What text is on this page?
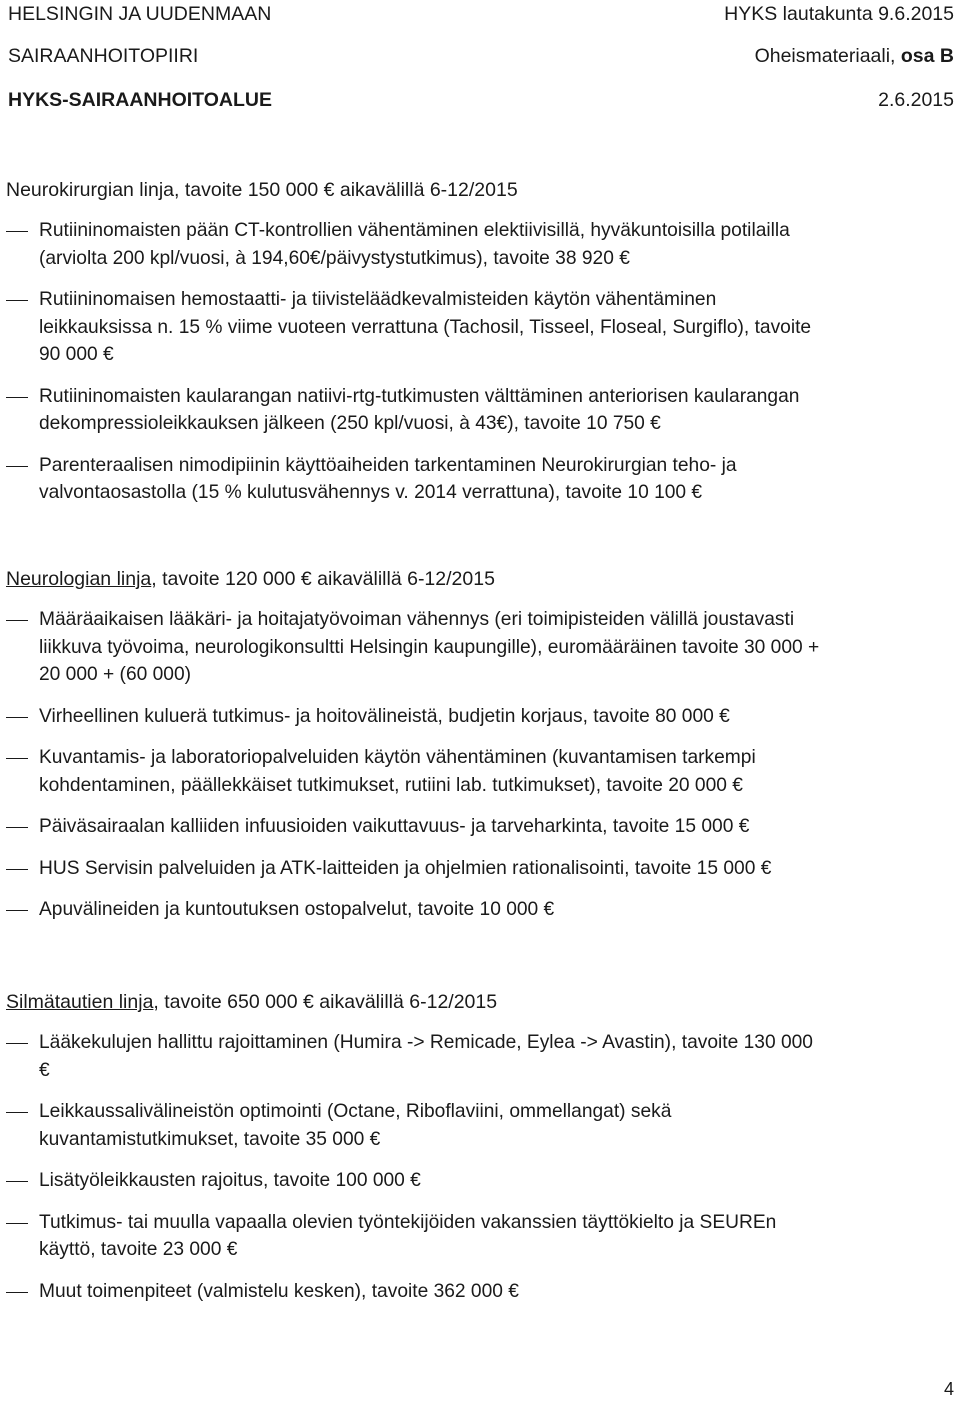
HELSINGIN JA UUDENMAAN	HYKS lautakunta 9.6.2015
SAIRAANHOITOPIIRI	Oheismateriaali, osa B
HYKS-SAIRAANHOITOALUE	2.6.2015
Neurokirurgian linja, tavoite 150 000 € aikavälillä 6-12/2015
Rutiininomaisten pään CT-kontrollien vähentäminen elektiivisillä, hyväkuntoisilla potilailla
(arviolta 200 kpl/vuosi, à 194,60€/päivystystutkimus), tavoite 38 920 €
Rutiininomaisen hemostaatti- ja tiivisteläädkevalmisteiden käytön vähentäminen
leikkauksissa n. 15 % viime vuoteen verrattuna (Tachosil, Tisseel, Floseal, Surgiflo), tavoite
90 000 €
Rutiininomaisten kaularangan natiivi-rtg-tutkimusten välttäminen anteriorisen kaularangan
dekompressioleikkauksen jälkeen (250 kpl/vuosi, à 43€), tavoite 10 750 €
Parenteraalisen nimodipiinin käyttöaiheiden tarkentaminen Neurokirurgian teho- ja
valvontaosastolla (15 % kulutusvähennys v. 2014 verrattuna), tavoite 10 100 €
Neurologian linja, tavoite 120 000 € aikavälillä 6-12/2015
Määräaikaisen lääkäri- ja hoitajatyövoiman vähennys (eri toimipisteiden välillä joustavasti
liikkuva työvoima, neurologikonsultti Helsingin kaupungille), euromääräinen tavoite 30 000 +
20 000 + (60 000)
Virheellinen kuluerä tutkimus- ja hoitovälineistä, budjetin korjaus, tavoite 80 000 €
Kuvantamis- ja laboratoriopalveluiden käytön vähentäminen (kuvantamisen tarkempi
kohdentaminen, päällekkäiset tutkimukset, rutiini lab. tutkimukset), tavoite 20 000 €
Päiväsairaalan kalliiden infuusioiden vaikuttavuus- ja tarveharkinta, tavoite 15 000 €
HUS Servisin palveluiden ja ATK-laitteiden ja ohjelmien rationalisointi, tavoite 15 000 €
Apuvälineiden ja kuntoutuksen ostopalvelut, tavoite 10 000 €
Silmätautien linja, tavoite 650 000 € aikavälillä 6-12/2015
Lääkekulujen hallittu rajoittaminen (Humira -> Remicade, Eylea -> Avastin), tavoite 130 000
€
Leikkaussalivälineistön optimointi (Octane, Riboflaviini, ommellangat) sekä
kuvantamistutkimukset, tavoite 35 000 €
Lisätyöleikkausten rajoitus, tavoite 100 000 €
Tutkimus- tai muulla vapaalla olevien työntekijöiden vakanssien täyttökielto ja SEUREn
käyttö, tavoite 23 000 €
Muut toimenpiteet (valmistelu kesken), tavoite 362 000 €
4
